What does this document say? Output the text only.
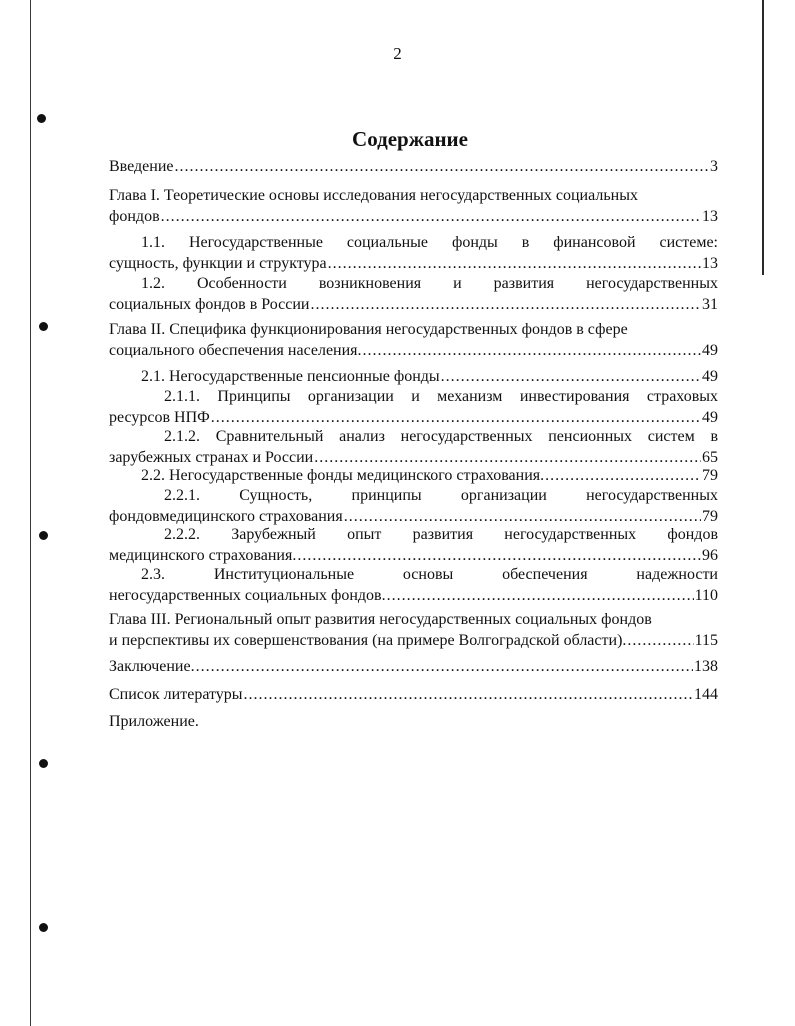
2
Содержание
Введение .....	3
Глава I. Теоретические основы исследования негосударственных социальных
фондов .....	13
1.1. Негосударственные социальные фонды в финансовой системе:
сущность, функции и структура .....	13
1.2. Особенности возникновения и развития негосударственных
социальных фондов в России .....	31
Глава II. Специфика функционирования негосударственных фондов в сфере
социального обеспечения населения. .....	49
2.1. Негосударственные пенсионные фонды .....	49
2.1.1. Принципы организации и механизм инвестирования страховых
ресурсов НПФ .....	49
2.1.2. Сравнительный анализ негосударственных пенсионных систем в
зарубежных странах и России .....	65
2.2. Негосударственные фонды медицинского страхования. .....	79
2.2.1. Сущность, принципы организации негосударственных
фондовмедицинского страхования .....	79
2.2.2. Зарубежный опыт развития негосударственных фондов
медицинского страхования. .....	96
2.3. Институциональные основы обеспечения надежности
негосударственных социальных фондов. .....	110
Глава III. Региональный опыт развития негосударственных социальных фондов
и перспективы их совершенствования (на примере Волгоградской области). .....	115
Заключение. .....	138
Список литературы .....	144
Приложение.
